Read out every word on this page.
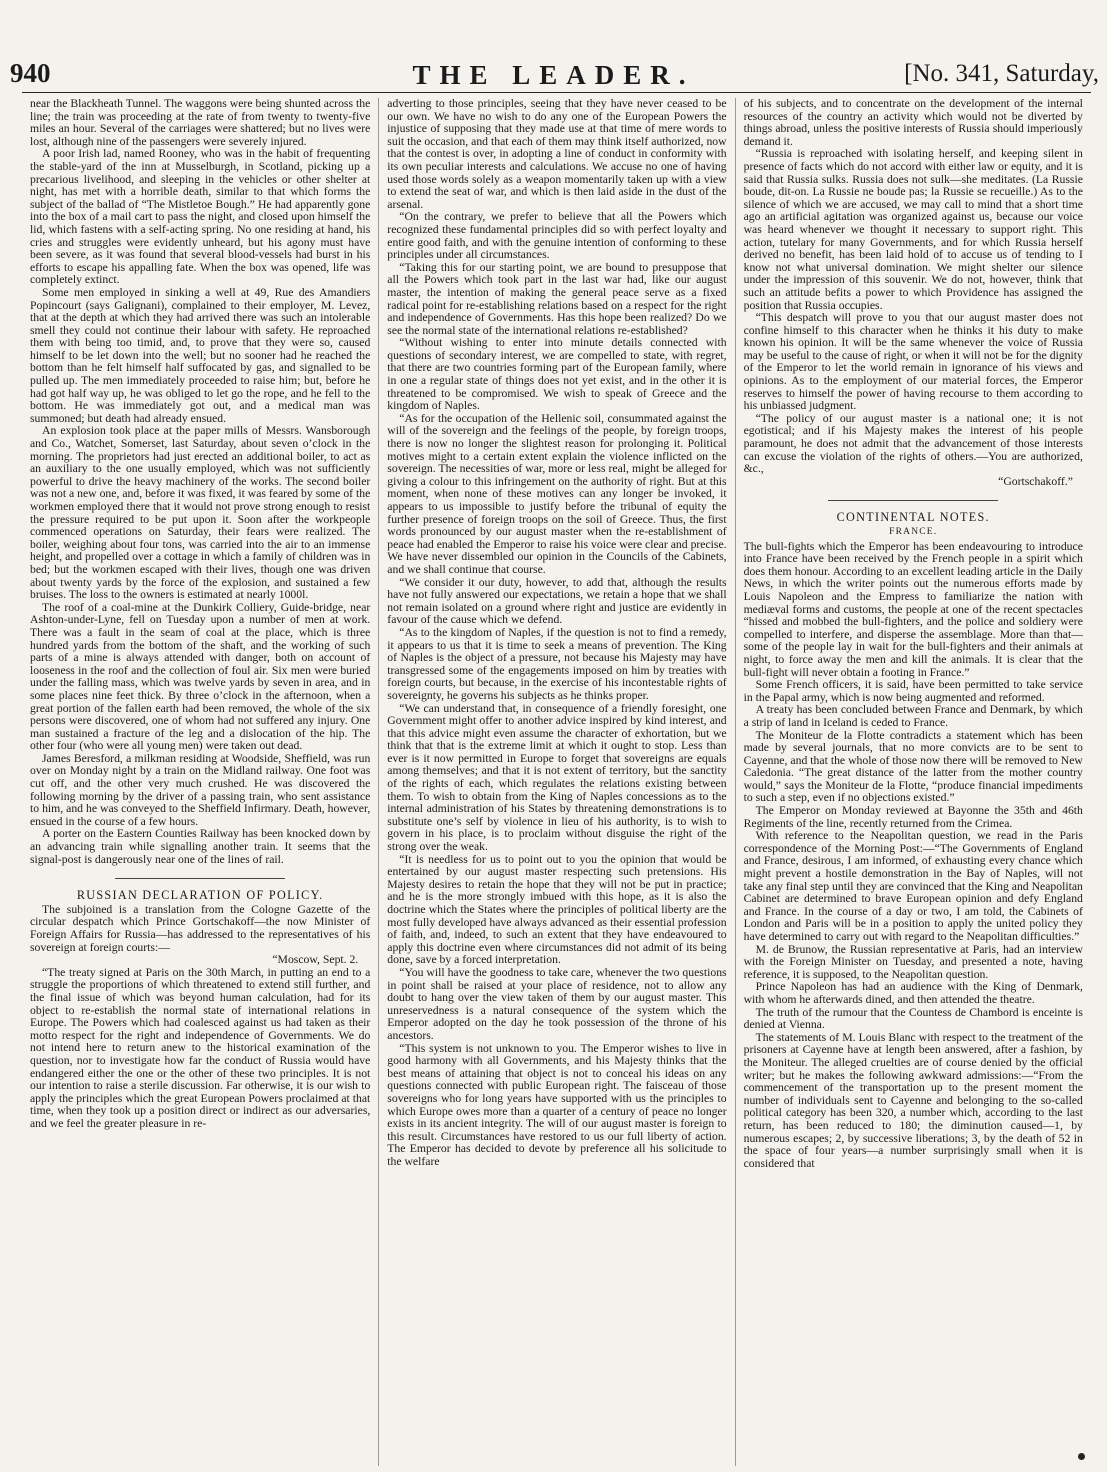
940	THE LEADER.	[No. 341, Saturday,

near the Blackheath Tunnel. The waggons were being shunted across the line; the train was proceeding at the rate of from twenty to twenty-five miles an hour. Several of the carriages were shattered; but no lives were lost, although nine of the passengers were severely injured.

A poor Irish lad, named Rooney, who was in the habit of frequenting the stable-yard of the inn at Musselburgh, in Scotland, picking up a precarious livelihood, and sleeping in the vehicles or other shelter at night, has met with a horrible death, similar to that which forms the subject of the ballad of “The Mistletoe Bough.” He had apparently gone into the box of a mail cart to pass the night, and closed upon himself the lid, which fastens with a self-acting spring. No one residing at hand, his cries and struggles were evidently unheard, but his agony must have been severe, as it was found that several blood-vessels had burst in his efforts to escape his appalling fate. When the box was opened, life was completely extinct.

Some men employed in sinking a well at 49, Rue des Amandiers Popincourt (says Galignani), complained to their employer, M. Levez, that at the depth at which they had arrived there was such an intolerable smell they could not continue their labour with safety. He reproached them with being too timid, and, to prove that they were so, caused himself to be let down into the well; but no sooner had he reached the bottom than he felt himself half suffocated by gas, and signalled to be pulled up. The men immediately proceeded to raise him; but, before he had got half way up, he was obliged to let go the rope, and he fell to the bottom. He was immediately got out, and a medical man was summoned; but death had already ensued.

An explosion took place at the paper mills of Messrs. Wansborough and Co., Watchet, Somerset, last Saturday, about seven o’clock in the morning. The proprietors had just erected an additional boiler, to act as an auxiliary to the one usually employed, which was not sufficiently powerful to drive the heavy machinery of the works. The second boiler was not a new one, and, before it was fixed, it was feared by some of the workmen employed there that it would not prove strong enough to resist the pressure required to be put upon it. Soon after the workpeople commenced operations on Saturday, their fears were realized. The boiler, weighing about four tons, was carried into the air to an immense height, and propelled over a cottage in which a family of children was in bed; but the workmen escaped with their lives, though one was driven about twenty yards by the force of the explosion, and sustained a few bruises. The loss to the owners is estimated at nearly 1000l.

The roof of a coal-mine at the Dunkirk Colliery, Guide-bridge, near Ashton-under-Lyne, fell on Tuesday upon a number of men at work. There was a fault in the seam of coal at the place, which is three hundred yards from the bottom of the shaft, and the working of such parts of a mine is always attended with danger, both on account of looseness in the roof and the collection of foul air. Six men were buried under the falling mass, which was twelve yards by seven in area, and in some places nine feet thick. By three o’clock in the afternoon, when a great portion of the fallen earth had been removed, the whole of the six persons were discovered, one of whom had not suffered any injury. One man sustained a fracture of the leg and a dislocation of the hip. The other four (who were all young men) were taken out dead.

James Beresford, a milkman residing at Woodside, Sheffield, was run over on Monday night by a train on the Midland railway. One foot was cut off, and the other very much crushed. He was discovered the following morning by the driver of a passing train, who sent assistance to him, and he was conveyed to the Sheffield Infirmary. Death, however, ensued in the course of a few hours.

A porter on the Eastern Counties Railway has been knocked down by an advancing train while signalling another train. It seems that the signal-post is dangerously near one of the lines of rail.

RUSSIAN DECLARATION OF POLICY.

The subjoined is a translation from the Cologne Gazette of the circular despatch which Prince Gortschakoff—the now Minister of Foreign Affairs for Russia—has addressed to the representatives of his sovereign at foreign courts:—

“Moscow, Sept. 2.

“The treaty signed at Paris on the 30th March, in putting an end to a struggle the proportions of which threatened to extend still further, and the final issue of which was beyond human calculation, had for its object to re-establish the normal state of international relations in Europe. The Powers which had coalesced against us had taken as their motto respect for the right and independence of Governments. We do not intend here to return anew to the historical examination of the question, nor to investigate how far the conduct of Russia would have endangered either the one or the other of these two principles. It is not our intention to raise a sterile discussion. Far otherwise, it is our wish to apply the principles which the great European Powers proclaimed at that time, when they took up a position direct or indirect as our adversaries, and we feel the greater pleasure in re-

adverting to those principles, seeing that they have never ceased to be our own. We have no wish to do any one of the European Powers the injustice of supposing that they made use at that time of mere words to suit the occasion, and that each of them may think itself authorized, now that the contest is over, in adopting a line of conduct in conformity with its own peculiar interests and calculations. We accuse no one of having used those words solely as a weapon momentarily taken up with a view to extend the seat of war, and which is then laid aside in the dust of the arsenal.

“On the contrary, we prefer to believe that all the Powers which recognized these fundamental principles did so with perfect loyalty and entire good faith, and with the genuine intention of conforming to these principles under all circumstances.

“Taking this for our starting point, we are bound to presuppose that all the Powers which took part in the last war had, like our august master, the intention of making the general peace serve as a fixed radical point for re-establishing relations based on a respect for the right and independence of Governments. Has this hope been realized? Do we see the normal state of the international relations re-established?

“Without wishing to enter into minute details connected with questions of secondary interest, we are compelled to state, with regret, that there are two countries forming part of the European family, where in one a regular state of things does not yet exist, and in the other it is threatened to be compromised. We wish to speak of Greece and the kingdom of Naples.

“As for the occupation of the Hellenic soil, consummated against the will of the sovereign and the feelings of the people, by foreign troops, there is now no longer the slightest reason for prolonging it. Political motives might to a certain extent explain the violence inflicted on the sovereign. The necessities of war, more or less real, might be alleged for giving a colour to this infringement on the authority of right. But at this moment, when none of these motives can any longer be invoked, it appears to us impossible to justify before the tribunal of equity the further presence of foreign troops on the soil of Greece. Thus, the first words pronounced by our august master when the re-establishment of peace had enabled the Emperor to raise his voice were clear and precise. We have never dissembled our opinion in the Councils of the Cabinets, and we shall continue that course.

“We consider it our duty, however, to add that, although the results have not fully answered our expectations, we retain a hope that we shall not remain isolated on a ground where right and justice are evidently in favour of the cause which we defend.

“As to the kingdom of Naples, if the question is not to find a remedy, it appears to us that it is time to seek a means of prevention. The King of Naples is the object of a pressure, not because his Majesty may have transgressed some of the engagements imposed on him by treaties with foreign courts, but because, in the exercise of his incontestable rights of sovereignty, he governs his subjects as he thinks proper.

“We can understand that, in consequence of a friendly foresight, one Government might offer to another advice inspired by kind interest, and that this advice might even assume the character of exhortation, but we think that that is the extreme limit at which it ought to stop. Less than ever is it now permitted in Europe to forget that sovereigns are equals among themselves; and that it is not extent of territory, but the sanctity of the rights of each, which regulates the relations existing between them. To wish to obtain from the King of Naples concessions as to the internal administration of his States by threatening demonstrations is to substitute one’s self by violence in lieu of his authority, is to wish to govern in his place, is to proclaim without disguise the right of the strong over the weak.

“It is needless for us to point out to you the opinion that would be entertained by our august master respecting such pretensions. His Majesty desires to retain the hope that they will not be put in practice; and he is the more strongly imbued with this hope, as it is also the doctrine which the States where the principles of political liberty are the most fully developed have always advanced as their essential profession of faith, and, indeed, to such an extent that they have endeavoured to apply this doctrine even where circumstances did not admit of its being done, save by a forced interpretation.

“You will have the goodness to take care, whenever the two questions in point shall be raised at your place of residence, not to allow any doubt to hang over the view taken of them by our august master. This unreservedness is a natural consequence of the system which the Emperor adopted on the day he took possession of the throne of his ancestors.

“This system is not unknown to you. The Emperor wishes to live in good harmony with all Governments, and his Majesty thinks that the best means of attaining that object is not to conceal his ideas on any questions connected with public European right. The faisceau of those sovereigns who for long years have supported with us the principles to which Europe owes more than a quarter of a century of peace no longer exists in its ancient integrity. The will of our august master is foreign to this result. Circumstances have restored to us our full liberty of action. The Emperor has decided to devote by preference all his solicitude to the welfare

of his subjects, and to concentrate on the development of the internal resources of the country an activity which would not be diverted by things abroad, unless the positive interests of Russia should imperiously demand it.

“Russia is reproached with isolating herself, and keeping silent in presence of facts which do not accord with either law or equity, and it is said that Russia sulks. Russia does not sulk—she meditates. (La Russie boude, dit-on. La Russie ne boude pas; la Russie se recueille.) As to the silence of which we are accused, we may call to mind that a short time ago an artificial agitation was organized against us, because our voice was heard whenever we thought it necessary to support right. This action, tutelary for many Governments, and for which Russia herself derived no benefit, has been laid hold of to accuse us of tending to I know not what universal domination. We might shelter our silence under the impression of this souvenir. We do not, however, think that such an attitude befits a power to which Providence has assigned the position that Russia occupies.

“This despatch will prove to you that our august master does not confine himself to this character when he thinks it his duty to make known his opinion. It will be the same whenever the voice of Russia may be useful to the cause of right, or when it will not be for the dignity of the Emperor to let the world remain in ignorance of his views and opinions. As to the employment of our material forces, the Emperor reserves to himself the power of having recourse to them according to his unbiassed judgment.

“The policy of our august master is a national one; it is not egotistical; and if his Majesty makes the interest of his people paramount, he does not admit that the advancement of those interests can excuse the violation of the rights of others.—You are authorized, &c.,

“Gortschakoff.”

CONTINENTAL NOTES.
FRANCE.

The bull-fights which the Emperor has been endeavouring to introduce into France have been received by the French people in a spirit which does them honour. According to an excellent leading article in the Daily News, in which the writer points out the numerous efforts made by Louis Napoleon and the Empress to familiarize the nation with mediæval forms and customs, the people at one of the recent spectacles “hissed and mobbed the bull-fighters, and the police and soldiery were compelled to interfere, and disperse the assemblage. More than that—some of the people lay in wait for the bull-fighters and their animals at night, to force away the men and kill the animals. It is clear that the bull-fight will never obtain a footing in France.”

Some French officers, it is said, have been permitted to take service in the Papal army, which is now being augmented and reformed.

A treaty has been concluded between France and Denmark, by which a strip of land in Iceland is ceded to France.

The Moniteur de la Flotte contradicts a statement which has been made by several journals, that no more convicts are to be sent to Cayenne, and that the whole of those now there will be removed to New Caledonia. “The great distance of the latter from the mother country would,” says the Moniteur de la Flotte, “produce financial impediments to such a step, even if no objections existed.”

The Emperor on Monday reviewed at Bayonne the 35th and 46th Regiments of the line, recently returned from the Crimea.

With reference to the Neapolitan question, we read in the Paris correspondence of the Morning Post:—“The Governments of England and France, desirous, I am informed, of exhausting every chance which might prevent a hostile demonstration in the Bay of Naples, will not take any final step until they are convinced that the King and Neapolitan Cabinet are determined to brave European opinion and defy England and France. In the course of a day or two, I am told, the Cabinets of London and Paris will be in a position to apply the united policy they have determined to carry out with regard to the Neapolitan difficulties.”

M. de Brunow, the Russian representative at Paris, had an interview with the Foreign Minister on Tuesday, and presented a note, having reference, it is supposed, to the Neapolitan question.

Prince Napoleon has had an audience with the King of Denmark, with whom he afterwards dined, and then attended the theatre.

The truth of the rumour that the Countess de Chambord is enceinte is denied at Vienna.

The statements of M. Louis Blanc with respect to the treatment of the prisoners at Cayenne have at length been answered, after a fashion, by the Moniteur. The alleged cruelties are of course denied by the official writer; but he makes the following awkward admissions:—“From the commencement of the transportation up to the present moment the number of individuals sent to Cayenne and belonging to the so-called political category has been 320, a number which, according to the last return, has been reduced to 180; the diminution caused—1, by numerous escapes; 2, by successive liberations; 3, by the death of 52 in the space of four years—a number surprisingly small when it is considered that
